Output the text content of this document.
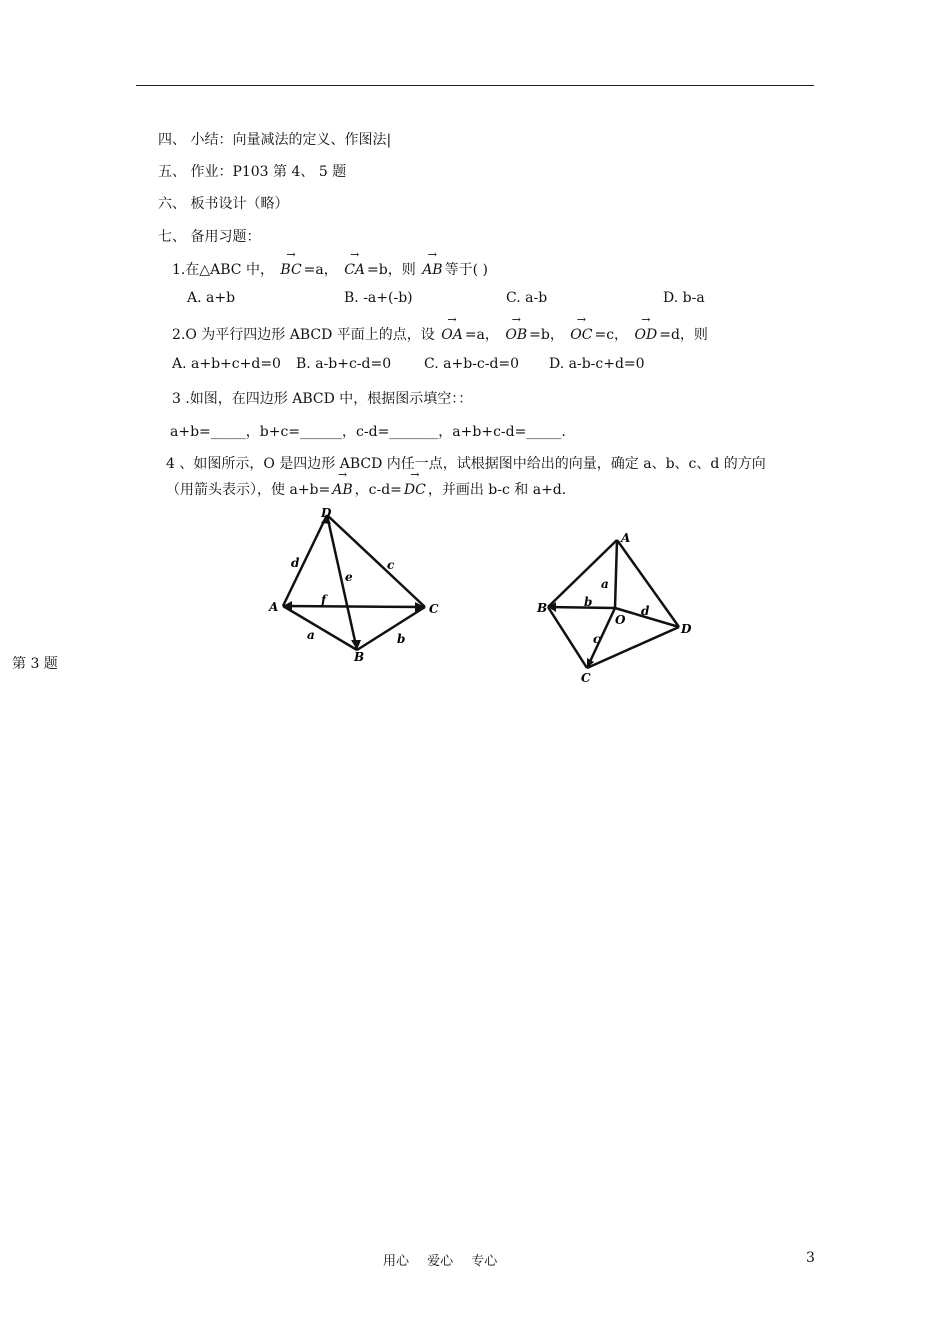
四、 小结：向量减法的定义、作图法|
五、 作业：P103 第 4、 5 题
六、 板书设计（略）
七、 备用习题：
1.在△ABC 中， → BC =a， → CA =b，则 → AB 等于( )
A. a+b	B. -a+(-b)	C. a-b	D. b-a
2.O 为平行四边形 ABCD 平面上的点，设 → OA =a， → OB =b， → OC =c， → OD =d，则
A. a+b+c+d=0 B. a-b+c-d=0 C. a+b-c-d=0 D. a-b-c+d=0
3 .如图，在四边形 ABCD 中，根据图示填空：：
a+b=_____，b+c=______，c-d=_______，a+b+c-d=_____.
4 、如图所示，O 是四边形 ABCD 内任一点，试根据图中给出的向量，确定 a、b、c、d 的方向
（用箭头表示），使 a+b= → AB ，c-d= → DC ，并画出 b-c 和 a+d.
D
A	C
B
d	c
e
f
a	b
A
B
D
C
O
a
b
c
d
第 3 题
用心 爱心 专心	3
